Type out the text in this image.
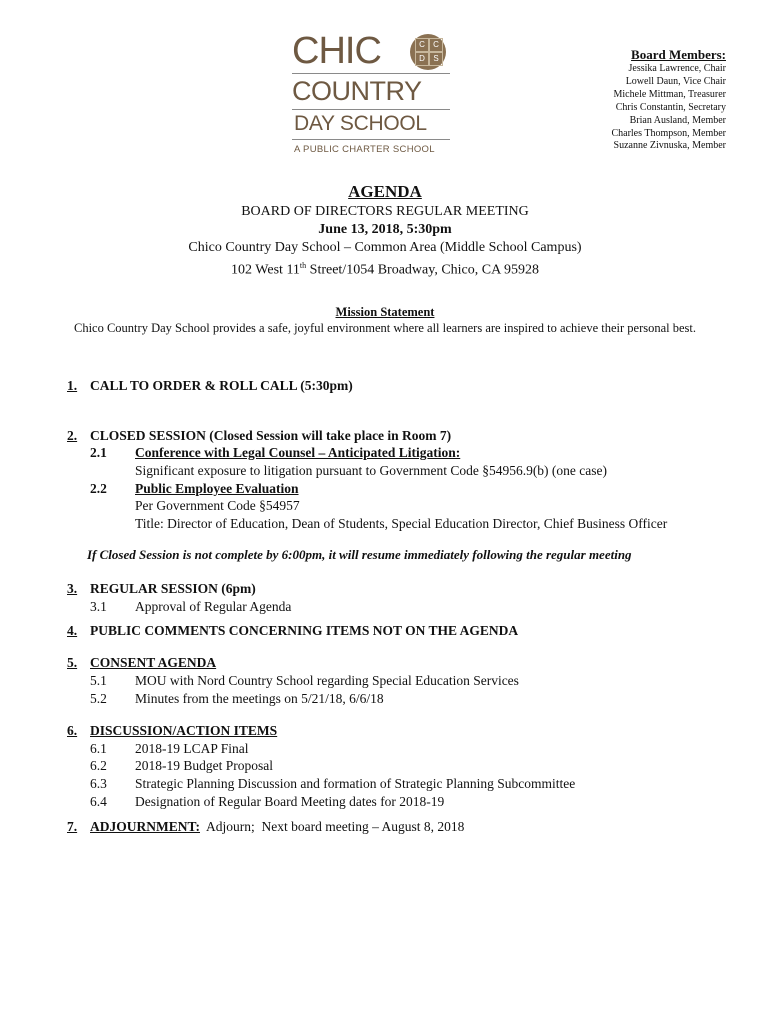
CHIC	C	C
D	S
COUNTRY
DAY SCHOOL
A PUBLIC CHARTER SCHOOL
Board Members:
Jessika Lawrence, Chair
Lowell Daun, Vice Chair
Michele Mittman, Treasurer
Chris Constantin, Secretary
Brian Ausland, Member
Charles Thompson, Member
Suzanne Zivnuska, Member
AGENDA
BOARD OF DIRECTORS REGULAR MEETING
June 13, 2018, 5:30pm
Chico Country Day School – Common Area (Middle School Campus)
102 West 11th Street/1054 Broadway, Chico, CA 95928
Mission Statement
Chico Country Day School provides a safe, joyful environment where all learners are inspired to achieve their personal best.
1. CALL TO ORDER & ROLL CALL (5:30pm)
2. CLOSED SESSION (Closed Session will take place in Room 7)
2.1 Conference with Legal Counsel – Anticipated Litigation:
Significant exposure to litigation pursuant to Government Code §54956.9(b) (one case)
2.2 Public Employee Evaluation
Per Government Code §54957
Title: Director of Education, Dean of Students, Special Education Director, Chief Business Officer
If Closed Session is not complete by 6:00pm, it will resume immediately following the regular meeting
3. REGULAR SESSION (6pm)
3.1 Approval of Regular Agenda
4. PUBLIC COMMENTS CONCERNING ITEMS NOT ON THE AGENDA
5. CONSENT AGENDA
5.1 MOU with Nord Country School regarding Special Education Services
5.2 Minutes from the meetings on 5/21/18, 6/6/18
6. DISCUSSION/ACTION ITEMS
6.1 2018-19 LCAP Final
6.2 2018-19 Budget Proposal
6.3 Strategic Planning Discussion and formation of Strategic Planning Subcommittee
6.4 Designation of Regular Board Meeting dates for 2018-19
7. ADJOURNMENT:  Adjourn;  Next board meeting – August 8, 2018
